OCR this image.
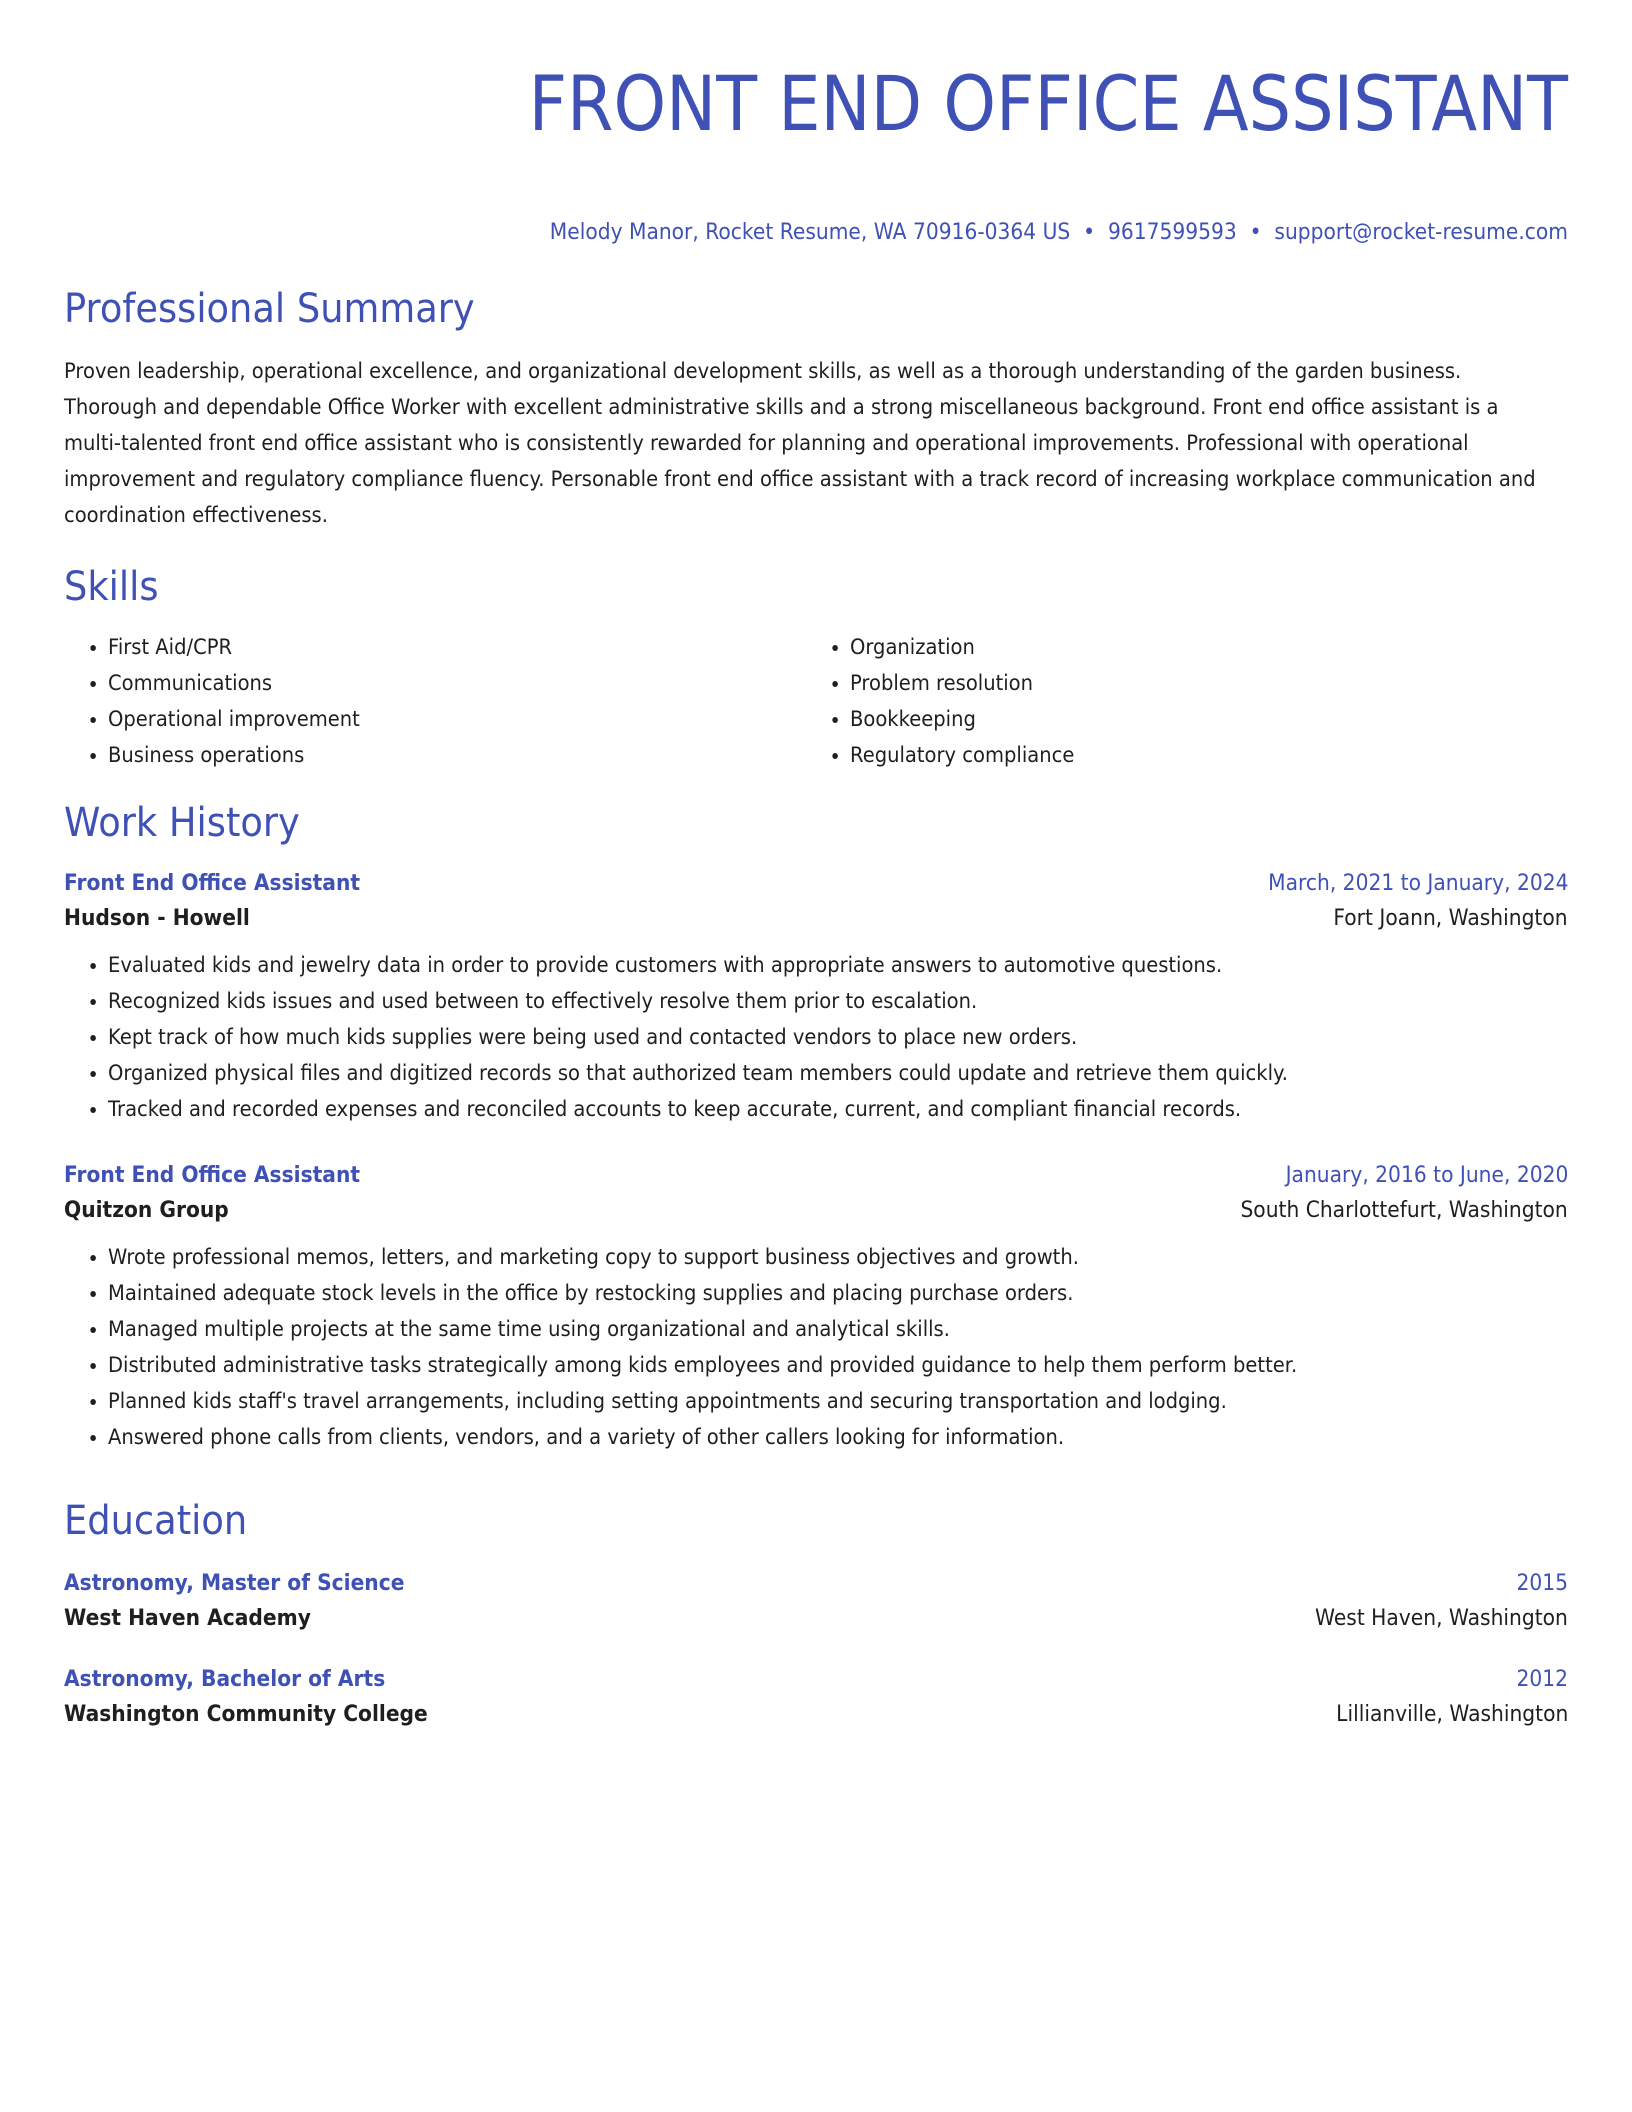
FRONT END OFFICE ASSISTANT
Melody Manor, Rocket Resume, WA 70916-0364 US • 9617599593 • support@rocket-resume.com
Professional Summary
Proven leadership, operational excellence, and organizational development skills, as well as a thorough understanding of the garden business. Thorough and dependable Office Worker with excellent administrative skills and a strong miscellaneous background. Front end office assistant is a multi-talented front end office assistant who is consistently rewarded for planning and operational improvements. Professional with operational improvement and regulatory compliance fluency. Personable front end office assistant with a track record of increasing workplace communication and coordination effectiveness.
Skills
• First Aid/CPR
• Communications
• Operational improvement
• Business operations
• Organization
• Problem resolution
• Bookkeeping
• Regulatory compliance
Work History
Front End Office Assistant	March, 2021 to January, 2024
Hudson - Howell	Fort Joann, Washington
• Evaluated kids and jewelry data in order to provide customers with appropriate answers to automotive questions.
• Recognized kids issues and used between to effectively resolve them prior to escalation.
• Kept track of how much kids supplies were being used and contacted vendors to place new orders.
• Organized physical files and digitized records so that authorized team members could update and retrieve them quickly.
• Tracked and recorded expenses and reconciled accounts to keep accurate, current, and compliant financial records.
Front End Office Assistant	January, 2016 to June, 2020
Quitzon Group	South Charlottefurt, Washington
• Wrote professional memos, letters, and marketing copy to support business objectives and growth.
• Maintained adequate stock levels in the office by restocking supplies and placing purchase orders.
• Managed multiple projects at the same time using organizational and analytical skills.
• Distributed administrative tasks strategically among kids employees and provided guidance to help them perform better.
• Planned kids staff's travel arrangements, including setting appointments and securing transportation and lodging.
• Answered phone calls from clients, vendors, and a variety of other callers looking for information.
Education
Astronomy, Master of Science	2015
West Haven Academy	West Haven, Washington
Astronomy, Bachelor of Arts	2012
Washington Community College	Lillianville, Washington
